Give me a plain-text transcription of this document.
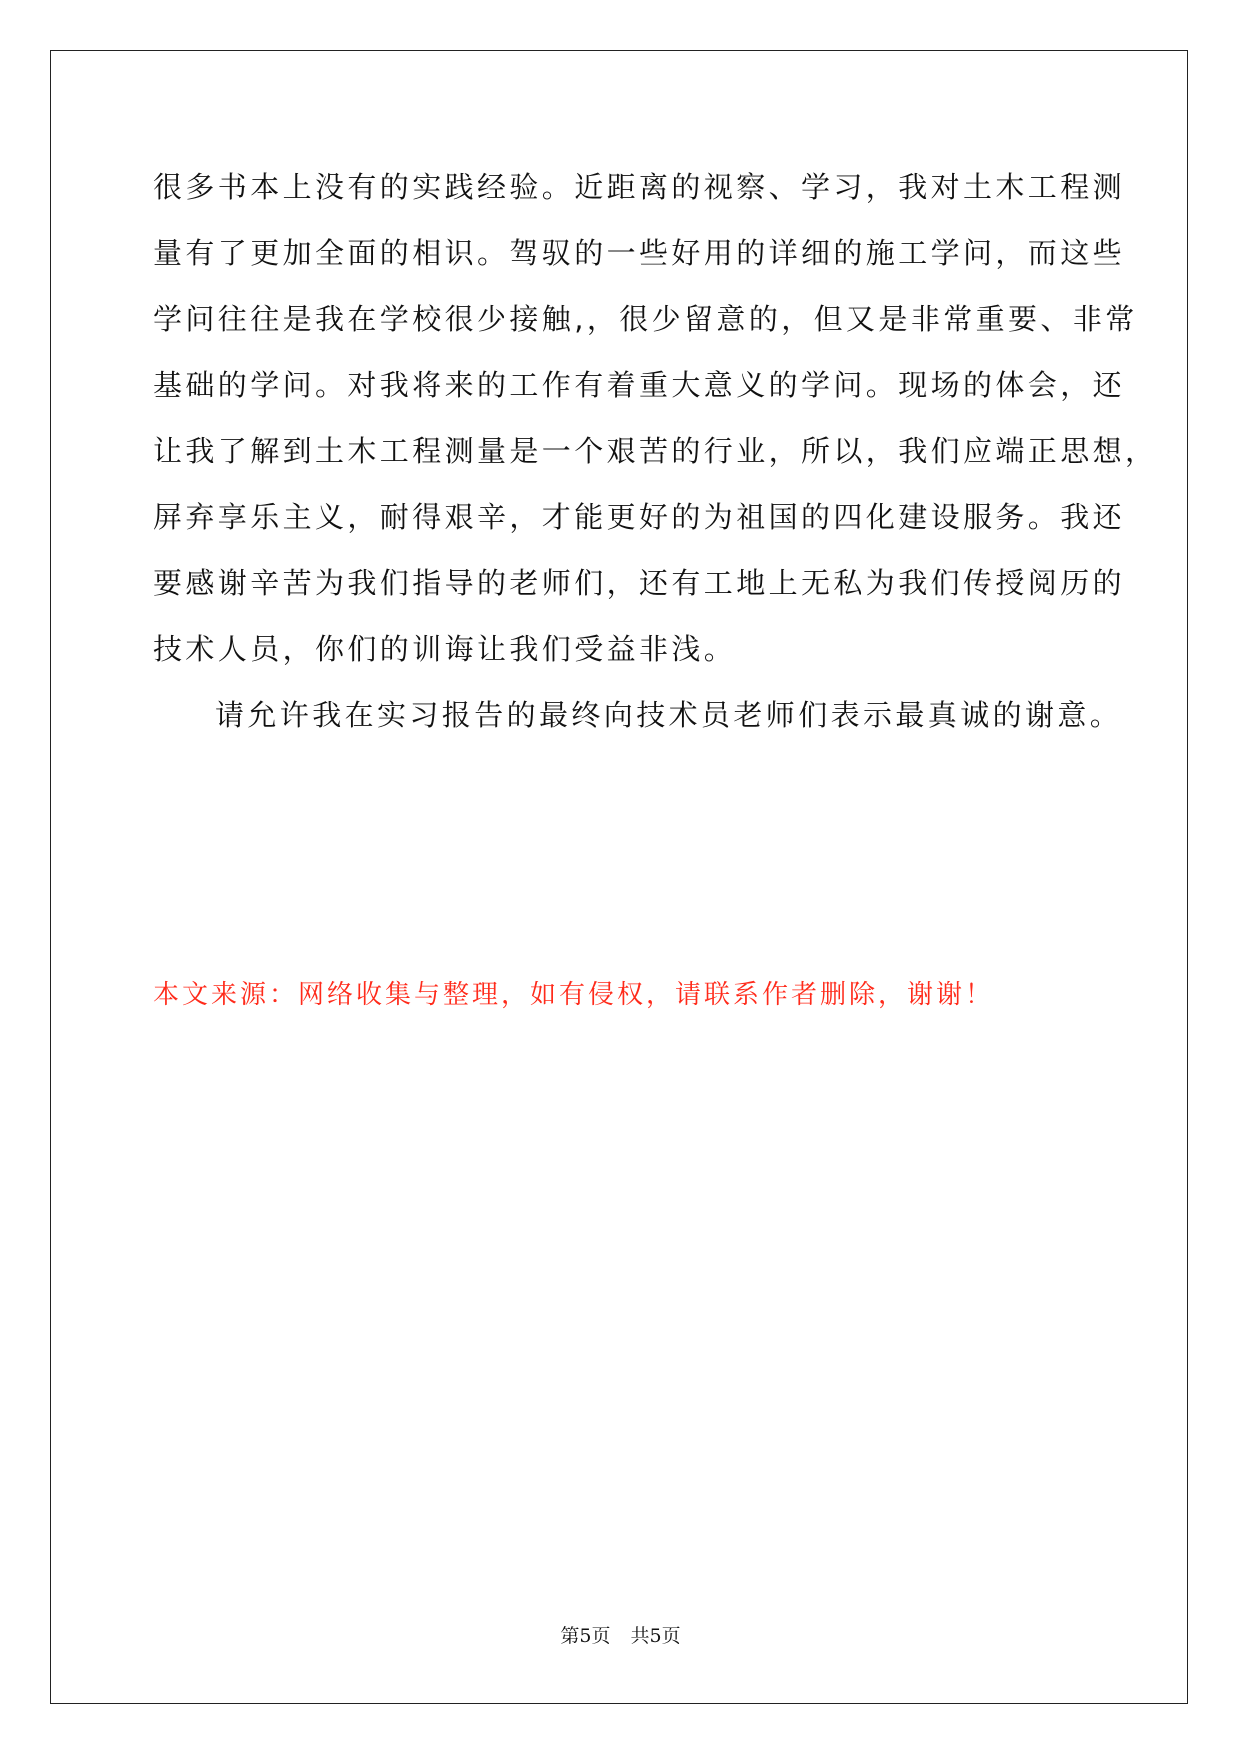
很多书本上没有的实践经验。近距离的视察、学习，我对土木工程测
量有了更加全面的相识。驾驭的一些好用的详细的施工学问，而这些
学问往往是我在学校很少接触,，很少留意的，但又是非常重要、非常
基础的学问。对我将来的工作有着重大意义的学问。现场的体会，还
让我了解到土木工程测量是一个艰苦的行业，所以，我们应端正思想，
屏弃享乐主义，耐得艰辛，才能更好的为祖国的四化建设服务。我还
要感谢辛苦为我们指导的老师们，还有工地上无私为我们传授阅历的
技术人员，你们的训诲让我们受益非浅。
请允许我在实习报告的最终向技术员老师们表示最真诚的谢意。

本文来源：网络收集与整理，如有侵权，请联系作者删除，谢谢！

第5页 共5页
